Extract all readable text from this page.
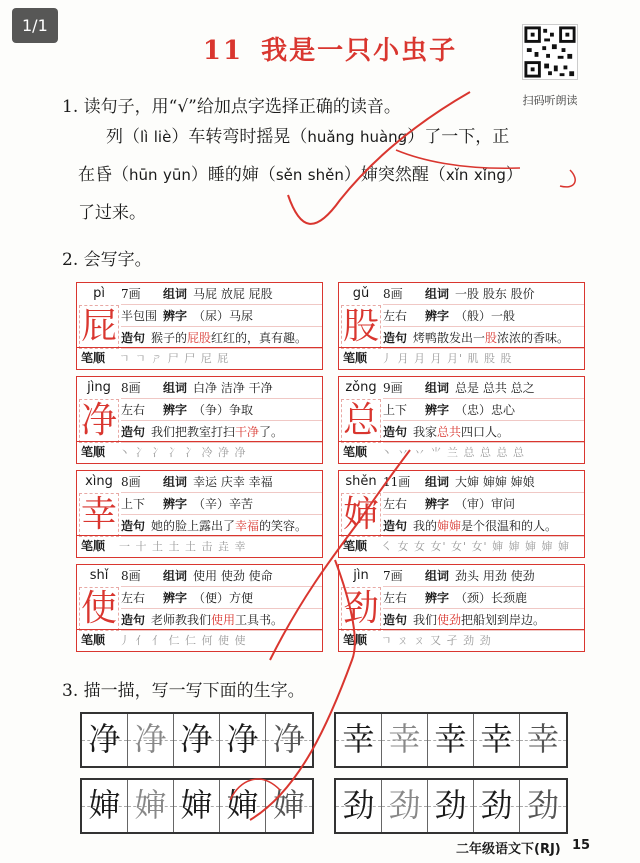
1/1
11 我是一只小虫子
扫码听朗读
1. 读句子，用“√”给加点字选择正确的读音。
列（lì liè）车转弯时摇晃（huǎng huàng）了一下，正
在昏（hūn yūn）睡的婶（sěn shěn）婶突然醒（xǐn xǐng）
了过来。
2. 会写字。
pì
屁
7画 组词 马屁 放屁 屁股
半包围 辨字 （尿）马尿
造句 猴子的屁股红红的，真有趣。
笔顺 ㄱ ㄱ ㄕ 尸 尸 尼 屁
gǔ
股
8画 组词 一股 股东 股价
左右 辨字 （般）一般
造句 烤鸭散发出一股浓浓的香味。
笔顺 丿 月 月 月 月' 肌 股 股
jìng
净
8画 组词 白净 洁净 干净
左右 辨字 （争）争取
造句 我们把教室打扫干净了。
笔顺 丶 冫 冫 冫 冫 冷 净 净
zǒng
总
9画 组词 总是 总共 总之
上下 辨字 （忠）忠心
造句 我家总共四口人。
笔顺 丶 丷 丷 ⺌ 兰 总 总 总 总
xìng
幸
8画 组词 幸运 庆幸 幸福
上下 辨字 （辛）辛苦
造句 她的脸上露出了幸福的笑容。
笔顺 一 十 土 土 土 击 垚 幸
shěn
婶
11画 组词 大婶 婶婶 婶娘
左右 辨字 （审）审问
造句 我的婶婶是个很温和的人。
笔顺 ㇛ 女 女 女' 女' 女' 婶 婶 婶 婶 婶
shǐ
使
8画 组词 使用 使劲 使命
左右 辨字 （便）方便
造句 老师教我们使用工具书。
笔顺 丿 亻 亻 仁 仁 何 使 使
jìn
劲
7画 组词 劲头 用劲 使劲
左右 辨字 （颈）长颈鹿
造句 我们使劲把船划到岸边。
笔顺 ㄱ ㄡ ㄡ 又 孑 劲 劲
3. 描一描，写一写下面的生字。
净 净 净 净 净 幸 幸 幸 幸 幸
婶 婶 婶 婶 婶 劲 劲 劲 劲 劲
二年级语文下(RJ) 15
